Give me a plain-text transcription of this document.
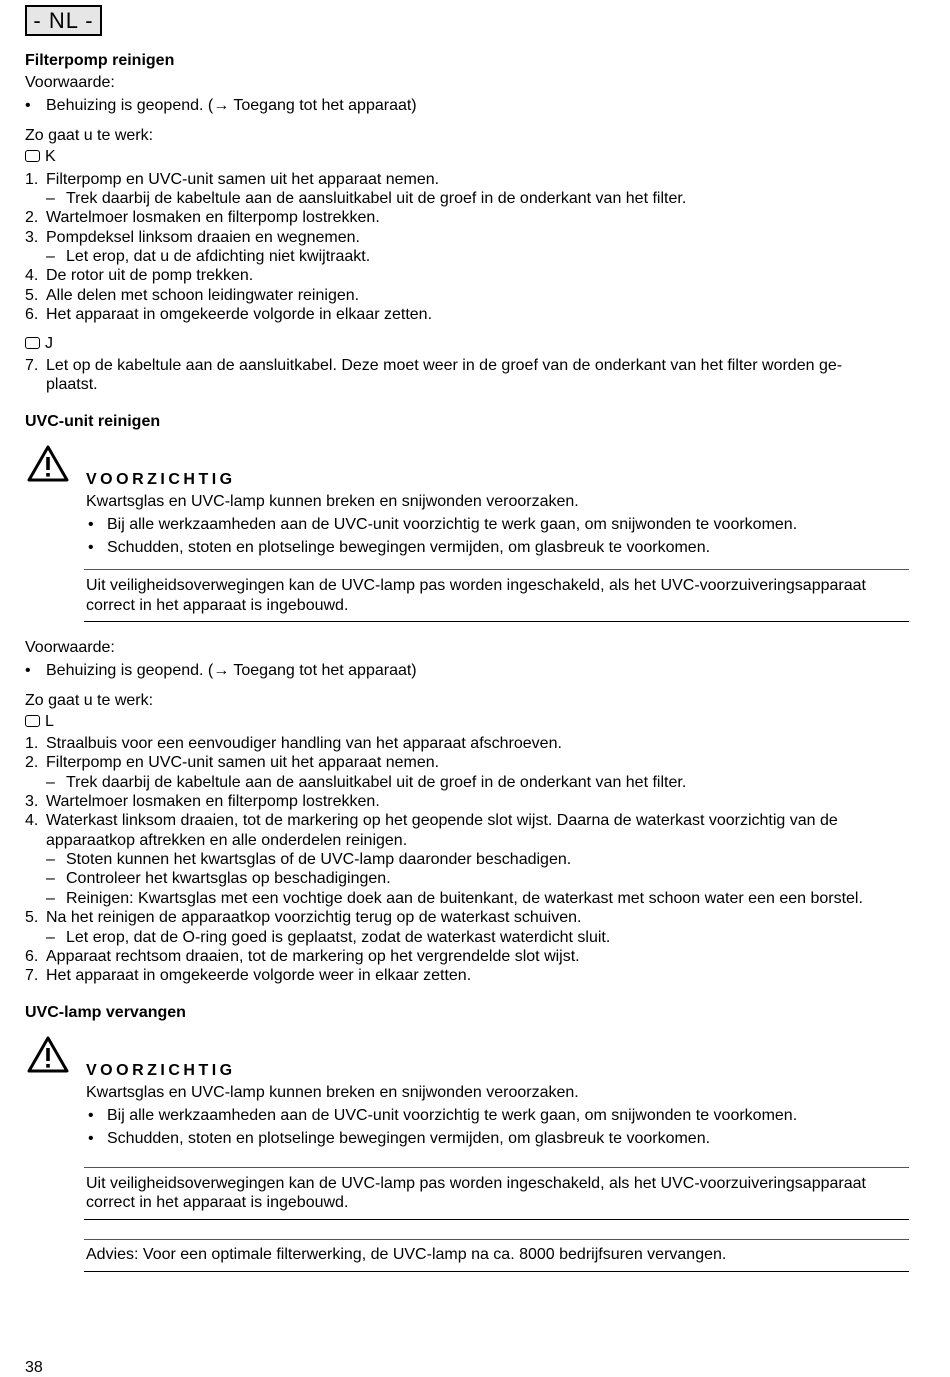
- NL -
Filterpomp reinigen
Voorwaarde:
• Behuizing is geopend. (→ Toegang tot het apparaat)
Zo gaat u te werk:
K
1. Filterpomp en UVC-unit samen uit het apparaat nemen.
– Trek daarbij de kabeltule aan de aansluitkabel uit de groef in de onderkant van het filter.
2. Wartelmoer losmaken en filterpomp lostrekken.
3. Pompdeksel linksom draaien en wegnemen.
– Let erop, dat u de afdichting niet kwijtraakt.
4. De rotor uit de pomp trekken.
5. Alle delen met schoon leidingwater reinigen.
6. Het apparaat in omgekeerde volgorde in elkaar zetten.
J
7. Let op de kabeltule aan de aansluitkabel. Deze moet weer in de groef van de onderkant van het filter worden ge-
plaatst.
UVC-unit reinigen
VOORZICHTIG
Kwartsglas en UVC-lamp kunnen breken en snijwonden veroorzaken.
• Bij alle werkzaamheden aan de UVC-unit voorzichtig te werk gaan, om snijwonden te voorkomen.
• Schudden, stoten en plotselinge bewegingen vermijden, om glasbreuk te voorkomen.
Uit veiligheidsoverwegingen kan de UVC-lamp pas worden ingeschakeld, als het UVC-voorzuiveringsapparaat
correct in het apparaat is ingebouwd.
Voorwaarde:
• Behuizing is geopend. (→ Toegang tot het apparaat)
Zo gaat u te werk:
L
1. Straalbuis voor een eenvoudiger handling van het apparaat afschroeven.
2. Filterpomp en UVC-unit samen uit het apparaat nemen.
– Trek daarbij de kabeltule aan de aansluitkabel uit de groef in de onderkant van het filter.
3. Wartelmoer losmaken en filterpomp lostrekken.
4. Waterkast linksom draaien, tot de markering op het geopende slot wijst. Daarna de waterkast voorzichtig van de
apparaatkop aftrekken en alle onderdelen reinigen.
– Stoten kunnen het kwartsglas of de UVC-lamp daaronder beschadigen.
– Controleer het kwartsglas op beschadigingen.
– Reinigen: Kwartsglas met een vochtige doek aan de buitenkant, de waterkast met schoon water een een borstel.
5. Na het reinigen de apparaatkop voorzichtig terug op de waterkast schuiven.
– Let erop, dat de O-ring goed is geplaatst, zodat de waterkast waterdicht sluit.
6. Apparaat rechtsom draaien, tot de markering op het vergrendelde slot wijst.
7. Het apparaat in omgekeerde volgorde weer in elkaar zetten.
UVC-lamp vervangen
VOORZICHTIG
Kwartsglas en UVC-lamp kunnen breken en snijwonden veroorzaken.
• Bij alle werkzaamheden aan de UVC-unit voorzichtig te werk gaan, om snijwonden te voorkomen.
• Schudden, stoten en plotselinge bewegingen vermijden, om glasbreuk te voorkomen.
Uit veiligheidsoverwegingen kan de UVC-lamp pas worden ingeschakeld, als het UVC-voorzuiveringsapparaat
correct in het apparaat is ingebouwd.
Advies: Voor een optimale filterwerking, de UVC-lamp na ca. 8000 bedrijfsuren vervangen.
38
